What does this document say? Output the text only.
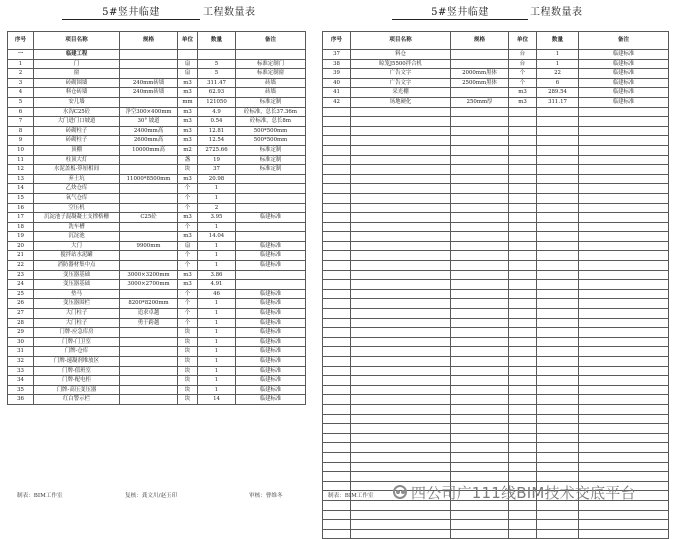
5#竖井临建	工程数量表
序号	项目名称	规格	单位	数量	备注
一	临建工程				
1	门		扇	5	标准定制门
2	窗		扇	5	标准定制窗
3	砖砌围墙	240mm砖墙	m3	311.47	砖墙
4	料仓砖墙	240mm砖墙	m3	62.93	砖墙
5	安几墙		mm	121050	标准定制
6	水沟C25砼	净空300×400mm	m3	4.9	砼标准，总长37.36m
7	大门进门口坡道	30° 坡道	m3	0.54	砼标准，总长8m
8	砖砌柱子	2400mm高	m3	12.81	500*500mm
9	砖砌柱子	2600mm高	m3	12.54	500*500mm
10	顶棚	10000mm高	m2	2725.66	标准定制
11	柱顶大灯		盏	19	标准定制
12	水泥盖板-箅厘相间		块	37	标准定制
13	弃土坑	11000*8500mm	m3	20.98	
14	乙炔仓库		个	1	
15	氧气仓库		个	1	
16	空压机		个	2	
17	沉淀池子混凝凝土支撑格栅	C25砼	m3	3.95	临建标准
18	洗车槽		个	1	
19	沉淀池		m3	14.04	
20	大门	9900mm	扇	1	临建标准
21	搅拌站水泥罐		个	1	临建标准
22	消防器材集中点		个	1	临建标准
23	变压器基础	3000×3200mm	m3	3.86	
24	变压器基础	3000×2700mm	m3	4.91	
25	垫马		个	46	临建标准
26	变压器围栏	8200*8200mm	个	1	临建标准
27	大门柱子	追求卓越	个	1	临建标准
28	大门柱子	勇于跨越	个	1	临建标准
29	门牌-应急库房		块	1	临建标准
30	门牌-门卫室		块	1	临建标准
31	门牌-仓库		块	1	临建标准
32	门牌-速凝剂堆放区		块	1	临建标准
33	门牌-值班室		块	1	临建标准
34	门牌-配电柜		块	1	临建标准
35	门牌-高压变压器		块	1	临建标准
36	红白警示栏		块	14	临建标准
5#竖井临建	工程数量表
序号	项目名称	规格	单位	数量	备注
37	料仓		台	1	临建标准
38	晾笼J5500拌合机		台	1	临建标准
39	广告文字	2000mm黑体	个	22	临建标准
40	广告文字	2500mm黑体	个	6	临建标准
41	采光棚		m3	289.54	临建标准
42	场地硬化	250mm厚	m3	311.17	临建标准

制表：BIM工作室	复核：龚文川/赵玉印	审核：曹维冬	制表：BIM工作室	四公司广111线BIM技术交底平台
